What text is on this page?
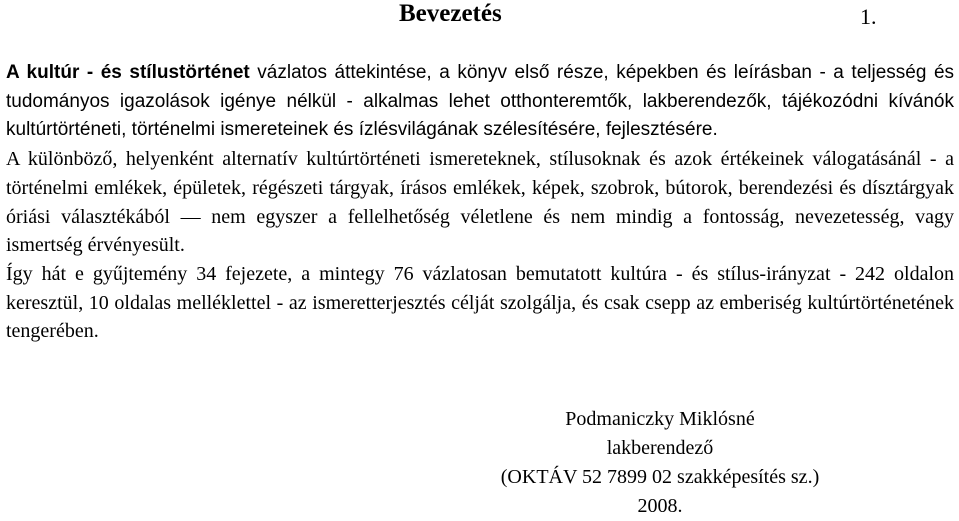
Bevezetés	1.

A kultúr - és stílustörténet vázlatos áttekintése, a könyv első része, képekben és leírásban - a teljesség és tudományos igazolások igénye nélkül - alkalmas lehet otthonteremtők, lakberendezők, tájékozódni kívánók kultúrtörténeti, történelmi ismereteinek és ízlésvilágának szélesítésére, fejlesztésére.

A különböző, helyenként alternatív kultúrtörténeti ismereteknek, stílusoknak és azok értékeinek válogatásánál - a történelmi emlékek, épületek, régészeti tárgyak, írásos emlékek, képek, szobrok, bútorok, berendezési és dísztárgyak óriási választékából — nem egyszer a fellelhetőség véletlene és nem mindig a fontosság, nevezetesség, vagy ismertség érvényesült.

Így hát e gyűjtemény 34 fejezete, a mintegy 76 vázlatosan bemutatott kultúra - és stílus-irányzat - 242 oldalon keresztül, 10 oldalas melléklettel - az ismeretterjesztés célját szolgálja, és csak csepp az emberiség kultúrtörténetének tengerében.

Podmaniczky Miklósné
lakberendező
(OKTÁV 52 7899 02 szakképesítés sz.)
2008.
